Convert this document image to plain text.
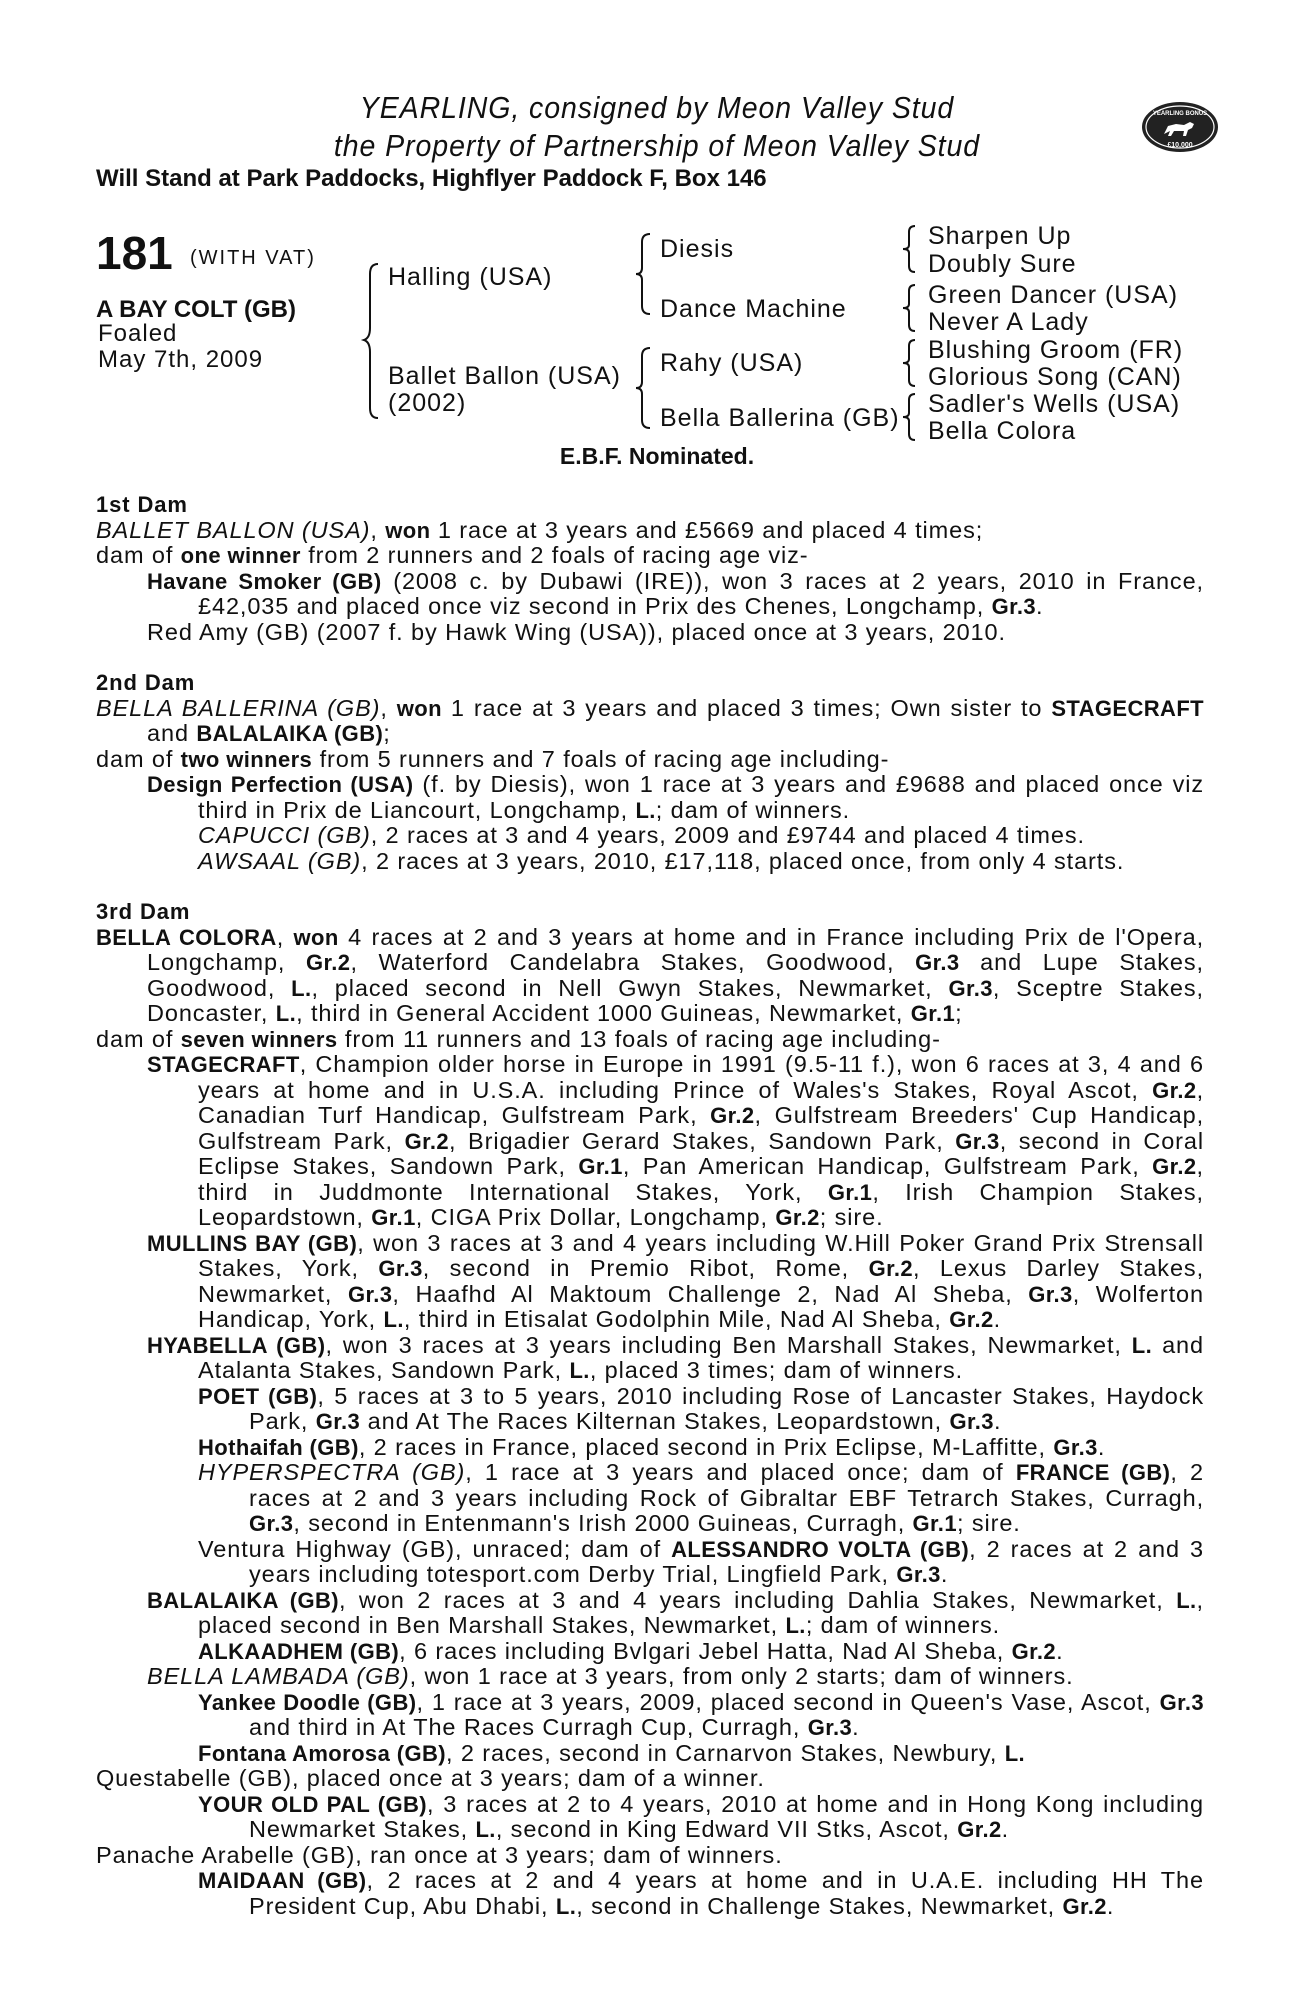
YEARLING, consigned by Meon Valley Stud
the Property of Partnership of Meon Valley Stud
Will Stand at Park Paddocks, Highflyer Paddock F, Box 146
YEARLING BONUS
£10,000
181 (WITH VAT)
A BAY COLT (GB)
Foaled
May 7th, 2009
Halling (USA)
Ballet Ballon (USA)
(2002)
Diesis
Dance Machine
Rahy (USA)
Bella Ballerina (GB)
Sharpen Up
Doubly Sure
Green Dancer (USA)
Never A Lady
Blushing Groom (FR)
Glorious Song (CAN)
Sadler's Wells (USA)
Bella Colora
E.B.F. Nominated.
1st Dam
BALLET BALLON (USA), won 1 race at 3 years and £5669 and placed 4 times;
dam of one winner from 2 runners and 2 foals of racing age viz-
Havane Smoker (GB) (2008 c. by Dubawi (IRE)), won 3 races at 2 years, 2010 in France, £42,035 and placed once viz second in Prix des Chenes, Longchamp, Gr.3.
Red Amy (GB) (2007 f. by Hawk Wing (USA)), placed once at 3 years, 2010.
2nd Dam
BELLA BALLERINA (GB), won 1 race at 3 years and placed 3 times; Own sister to STAGECRAFT and BALALAIKA (GB);
dam of two winners from 5 runners and 7 foals of racing age including-
Design Perfection (USA) (f. by Diesis), won 1 race at 3 years and £9688 and placed once viz third in Prix de Liancourt, Longchamp, L.; dam of winners.
CAPUCCI (GB), 2 races at 3 and 4 years, 2009 and £9744 and placed 4 times.
AWSAAL (GB), 2 races at 3 years, 2010, £17,118, placed once, from only 4 starts.
3rd Dam
BELLA COLORA, won 4 races at 2 and 3 years at home and in France including Prix de l'Opera, Longchamp, Gr.2, Waterford Candelabra Stakes, Goodwood, Gr.3 and Lupe Stakes, Goodwood, L., placed second in Nell Gwyn Stakes, Newmarket, Gr.3, Sceptre Stakes, Doncaster, L., third in General Accident 1000 Guineas, Newmarket, Gr.1;
dam of seven winners from 11 runners and 13 foals of racing age including-
STAGECRAFT, Champion older horse in Europe in 1991 (9.5-11 f.), won 6 races at 3, 4 and 6 years at home and in U.S.A. including Prince of Wales's Stakes, Royal Ascot, Gr.2, Canadian Turf Handicap, Gulfstream Park, Gr.2, Gulfstream Breeders' Cup Handicap, Gulfstream Park, Gr.2, Brigadier Gerard Stakes, Sandown Park, Gr.3, second in Coral Eclipse Stakes, Sandown Park, Gr.1, Pan American Handicap, Gulfstream Park, Gr.2, third in Juddmonte International Stakes, York, Gr.1, Irish Champion Stakes, Leopardstown, Gr.1, CIGA Prix Dollar, Longchamp, Gr.2; sire.
MULLINS BAY (GB), won 3 races at 3 and 4 years including W.Hill Poker Grand Prix Strensall Stakes, York, Gr.3, second in Premio Ribot, Rome, Gr.2, Lexus Darley Stakes, Newmarket, Gr.3, Haafhd Al Maktoum Challenge 2, Nad Al Sheba, Gr.3, Wolferton Handicap, York, L., third in Etisalat Godolphin Mile, Nad Al Sheba, Gr.2.
HYABELLA (GB), won 3 races at 3 years including Ben Marshall Stakes, Newmarket, L. and Atalanta Stakes, Sandown Park, L., placed 3 times; dam of winners.
POET (GB), 5 races at 3 to 5 years, 2010 including Rose of Lancaster Stakes, Haydock Park, Gr.3 and At The Races Kilternan Stakes, Leopardstown, Gr.3.
Hothaifah (GB), 2 races in France, placed second in Prix Eclipse, M-Laffitte, Gr.3.
HYPERSPECTRA (GB), 1 race at 3 years and placed once; dam of FRANCE (GB), 2 races at 2 and 3 years including Rock of Gibraltar EBF Tetrarch Stakes, Curragh, Gr.3, second in Entenmann's Irish 2000 Guineas, Curragh, Gr.1; sire.
Ventura Highway (GB), unraced; dam of ALESSANDRO VOLTA (GB), 2 races at 2 and 3 years including totesport.com Derby Trial, Lingfield Park, Gr.3.
BALALAIKA (GB), won 2 races at 3 and 4 years including Dahlia Stakes, Newmarket, L., placed second in Ben Marshall Stakes, Newmarket, L.; dam of winners.
ALKAADHEM (GB), 6 races including Bvlgari Jebel Hatta, Nad Al Sheba, Gr.2.
BELLA LAMBADA (GB), won 1 race at 3 years, from only 2 starts; dam of winners.
Yankee Doodle (GB), 1 race at 3 years, 2009, placed second in Queen's Vase, Ascot, Gr.3 and third in At The Races Curragh Cup, Curragh, Gr.3.
Fontana Amorosa (GB), 2 races, second in Carnarvon Stakes, Newbury, L.
Questabelle (GB), placed once at 3 years; dam of a winner.
YOUR OLD PAL (GB), 3 races at 2 to 4 years, 2010 at home and in Hong Kong including Newmarket Stakes, L., second in King Edward VII Stks, Ascot, Gr.2.
Panache Arabelle (GB), ran once at 3 years; dam of winners.
MAIDAAN (GB), 2 races at 2 and 4 years at home and in U.A.E. including HH The President Cup, Abu Dhabi, L., second in Challenge Stakes, Newmarket, Gr.2.
